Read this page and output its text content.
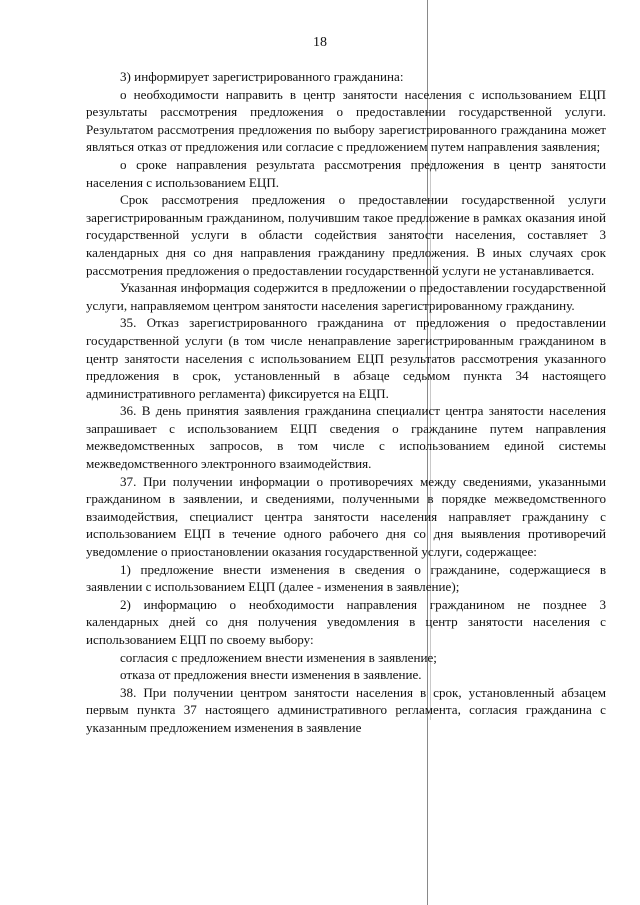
18

3) информирует зарегистрированного гражданина:

о необходимости направить в центр занятости населения с использованием ЕЦП результаты рассмотрения предложения о предоставлении государственной услуги. Результатом рассмотрения предложения по выбору зарегистрированного гражданина может являться отказ от предложения или согласие с предложением путем направления заявления;

о сроке направления результата рассмотрения предложения в центр занятости населения с использованием ЕЦП.

Срок рассмотрения предложения о предоставлении государственной услуги зарегистрированным гражданином, получившим такое предложение в рамках оказания иной государственной услуги в области содействия занятости населения, составляет 3 календарных дня со дня направления гражданину предложения. В иных случаях срок рассмотрения предложения о предоставлении государственной услуги не устанавливается.

Указанная информация содержится в предложении о предоставлении государственной услуги, направляемом центром занятости населения зарегистрированному гражданину.

35. Отказ зарегистрированного гражданина от предложения о предоставлении государственной услуги (в том числе ненаправление зарегистрированным гражданином в центр занятости населения с использованием ЕЦП результатов рассмотрения указанного предложения в срок, установленный в абзаце седьмом пункта 34 настоящего административного регламента) фиксируется на ЕЦП.

36. В день принятия заявления гражданина специалист центра занятости населения запрашивает с использованием ЕЦП сведения о гражданине путем направления межведомственных запросов, в том числе с использованием единой системы межведомственного электронного взаимодействия.

37. При получении информации о противоречиях между сведениями, указанными гражданином в заявлении, и сведениями, полученными в порядке межведомственного взаимодействия, специалист центра занятости населения направляет гражданину с использованием ЕЦП в течение одного рабочего дня со дня выявления противоречий уведомление о приостановлении оказания государственной услуги, содержащее:

1) предложение внести изменения в сведения о гражданине, содержащиеся в заявлении с использованием ЕЦП (далее - изменения в заявление);

2) информацию о необходимости направления гражданином не позднее 3 календарных дней со дня получения уведомления в центр занятости населения с использованием ЕЦП по своему выбору:

согласия с предложением внести изменения в заявление;

отказа от предложения внести изменения в заявление.

38. При получении центром занятости населения в срок, установленный абзацем первым пункта 37 настоящего административного регламента, согласия гражданина с указанным предложением изменения в заявление
